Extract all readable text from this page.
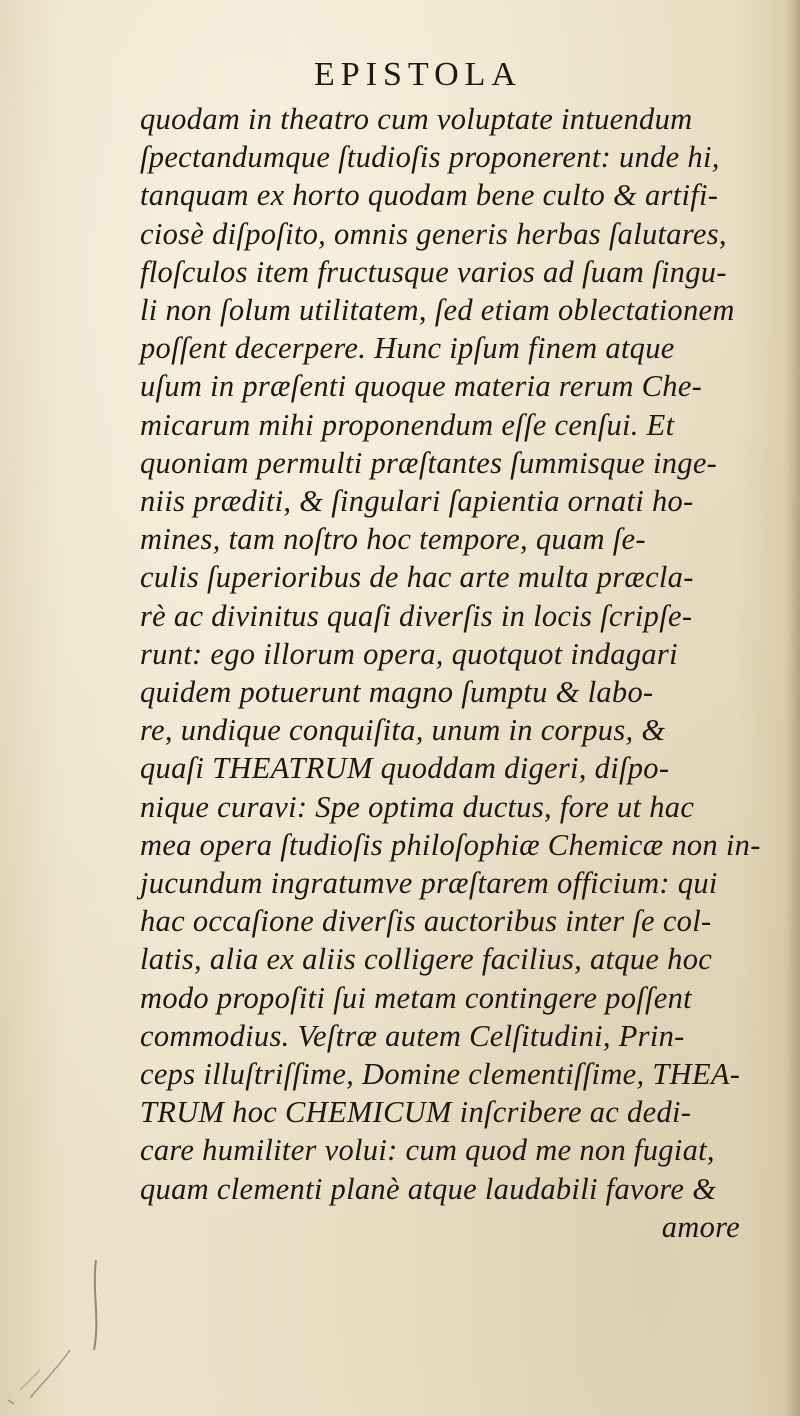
EPISTOLA
quodam in theatro cum voluptate intuendum
ſpectandumque ſtudioſis proponerent: unde hi,
tanquam ex horto quodam bene culto & artifi-
ciosè diſpoſito, omnis generis herbas ſalutares,
floſculos item fructusque varios ad ſuam ſingu-
li non ſolum utilitatem, ſed etiam oblectationem
poſſent decerpere. Hunc ipſum finem atque
uſum in præſenti quoque materia rerum Che-
micarum mihi proponendum eſſe cenſui. Et
quoniam permulti præſtantes ſummisque inge-
niis præditi, & ſingulari ſapientia ornati ho-
mines, tam noſtro hoc tempore, quam ſe-
culis ſuperioribus de hac arte multa præcla-
rè ac divinitus quaſi diverſis in locis ſcripſe-
runt: ego illorum opera, quotquot indagari
quidem potuerunt magno ſumptu & labo-
re, undique conquiſita, unum in corpus, &
quaſi THEATRUM quoddam digeri, diſpo-
nique curavi: Spe optima ductus, fore ut hac
mea opera ſtudioſis philoſophiæ Chemicæ non in-
jucundum ingratumve præſtarem officium: qui
hac occaſione diverſis auctoribus inter ſe col-
latis, alia ex aliis colligere facilius, atque hoc
modo propoſiti ſui metam contingere poſſent
commodius. Veſtræ autem Celſitudini, Prin-
ceps illuſtriſſime, Domine clementiſſime, THEA-
TRUM hoc CHEMICUM inſcribere ac dedi-
care humiliter volui: cum quod me non fugiat,
quam clementi planè atque laudabili favore &
amore
